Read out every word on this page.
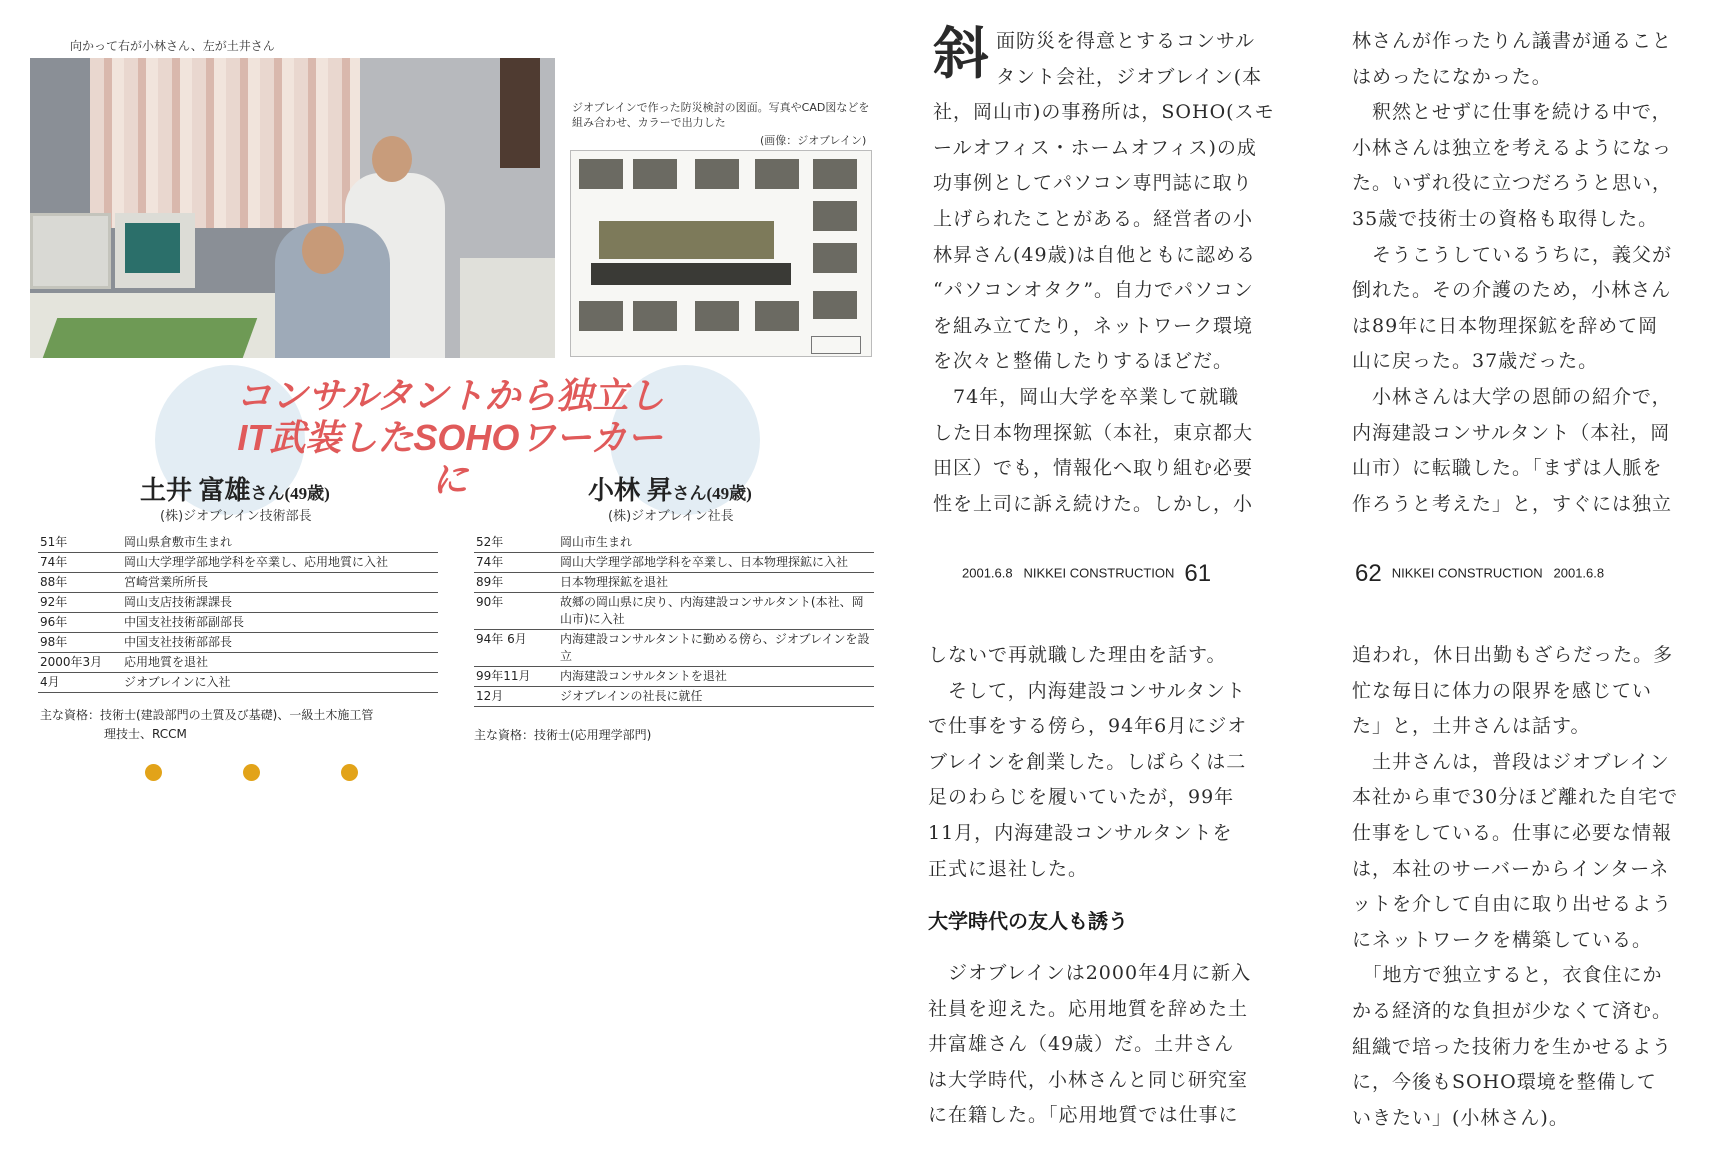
向かって右が小林さん、左が土井さん
ジオブレインで作った防災検討の図面。写真やCAD図などを組み合わせ、カラーで出力した
(画像：ジオブレイン)
コンサルタントから独立し
IT武装したSOHOワーカーに
土井 富雄さん(49歳)
(株)ジオブレイン技術部長
51年	岡山県倉敷市生まれ
74年	岡山大学理学部地学科を卒業し、応用地質に入社
88年	宮崎営業所所長
92年	岡山支店技術課課長
96年	中国支社技術部副部長
98年	中国支社技術部部長
2000年3月	応用地質を退社
4月	ジオブレインに入社
主な資格：技術士(建設部門の土質及び基礎)、一級土木施工管
理技士、RCCM
小林 昇さん(49歳)
(株)ジオブレイン社長
52年	岡山市生まれ
74年	岡山大学理学部地学科を卒業し、日本物理探鉱に入社
89年	日本物理探鉱を退社
90年	故郷の岡山県に戻り、内海建設コンサルタント(本社、岡山市)に入社
94年 6月	内海建設コンサルタントに勤める傍ら、ジオブレインを設立
99年11月	内海建設コンサルタントを退社
12月	ジオブレインの社長に就任
主な資格：技術士(応用理学部門)
斜 面防災を得意とするコンサル
タント会社，ジオブレイン(本
社，岡山市)の事務所は，SOHO(スモ
ールオフィス・ホームオフィス)の成
功事例としてパソコン専門誌に取り
上げられたことがある。経営者の小
林昇さん(49歳)は自他ともに認める
“パソコンオタク”。自力でパソコン
を組み立てたり，ネットワーク環境
を次々と整備したりするほどだ。
　74年，岡山大学を卒業して就職
した日本物理探鉱（本社，東京都大
田区）でも，情報化へ取り組む必要
性を上司に訴え続けた。しかし，小
2001.6.8 NIKKEI CONSTRUCTION 61
林さんが作ったりん議書が通ること
はめったになかった。
　釈然とせずに仕事を続ける中で，
小林さんは独立を考えるようになっ
た。いずれ役に立つだろうと思い，
35歳で技術士の資格も取得した。
　そうこうしているうちに，義父が
倒れた。その介護のため，小林さん
は89年に日本物理探鉱を辞めて岡
山に戻った。37歳だった。
　小林さんは大学の恩師の紹介で，
内海建設コンサルタント（本社，岡
山市）に転職した。「まずは人脈を
作ろうと考えた」と，すぐには独立
62 NIKKEI CONSTRUCTION 2001.6.8
しないで再就職した理由を話す。
　そして，内海建設コンサルタント
で仕事をする傍ら，94年6月にジオ
ブレインを創業した。しばらくは二
足のわらじを履いていたが，99年
11月，内海建設コンサルタントを
正式に退社した。
大学時代の友人も誘う
　ジオブレインは2000年4月に新入
社員を迎えた。応用地質を辞めた土
井富雄さん（49歳）だ。土井さん
は大学時代，小林さんと同じ研究室
に在籍した。「応用地質では仕事に
追われ，休日出勤もざらだった。多
忙な毎日に体力の限界を感じてい
た」と，土井さんは話す。
　土井さんは，普段はジオブレイン
本社から車で30分ほど離れた自宅で
仕事をしている。仕事に必要な情報
は，本社のサーバーからインターネ
ットを介して自由に取り出せるよう
にネットワークを構築している。
　「地方で独立すると，衣食住にか
かる経済的な負担が少なくて済む。
組織で培った技術力を生かせるよう
に，今後もSOHO環境を整備して
いきたい」(小林さん)。
